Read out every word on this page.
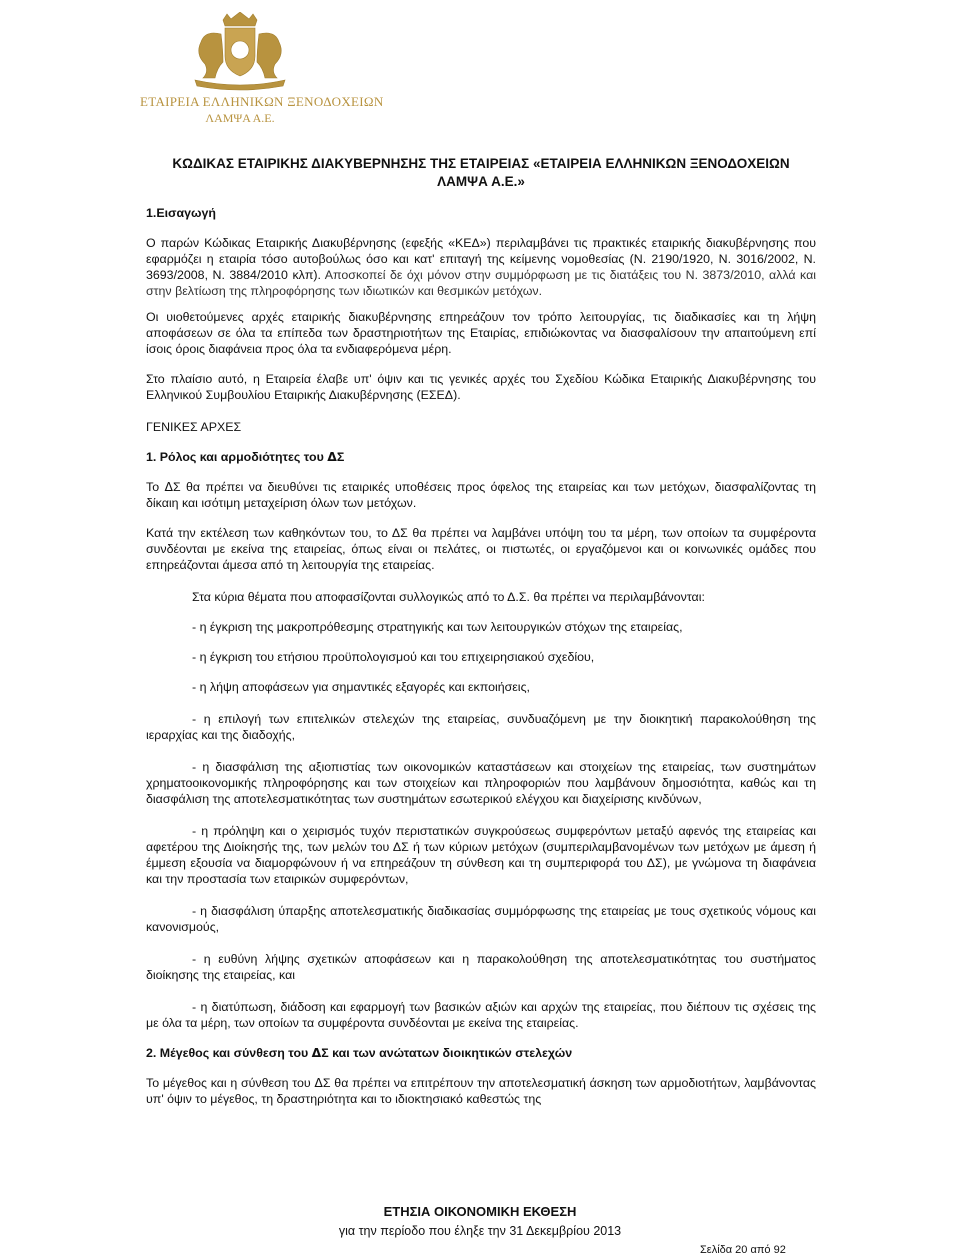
ΕΤΑΙΡΕΙΑ ΕΛΛΗΝΙΚΩΝ ΞΕΝΟΔΟΧΕΙΩΝ
ΛΑΜΨΑ Α.Ε.
ΚΩΔΙΚΑΣ ΕΤΑΙΡΙΚΗΣ ΔΙΑΚΥΒΕΡΝΗΣΗΣ ΤΗΣ ΕΤΑΙΡΕΙΑΣ «ΕΤΑΙΡΕΙΑ ΕΛΛΗΝΙΚΩΝ ΞΕΝΟΔΟΧΕΙΩΝ ΛΑΜΨΑ Α.Ε.»
1.Εισαγωγή

Ο παρών Κώδικας Εταιρικής Διακυβέρνησης (εφεξής «ΚΕΔ») περιλαμβάνει τις πρακτικές εταιρικής διακυβέρνησης που εφαρμόζει η εταιρία τόσο αυτοβούλως όσο και κατ' επιταγή της κείμενης νομοθεσίας (Ν. 2190/1920, Ν. 3016/2002, Ν. 3693/2008, Ν. 3884/2010 κλπ). Αποσκοπεί δε όχι μόνον στην συμμόρφωση με τις διατάξεις του Ν. 3873/2010, αλλά και στην βελτίωση της πληροφόρησης των ιδιωτικών και θεσμικών μετόχων.

Οι υιοθετούμενες αρχές εταιρικής διακυβέρνησης επηρεάζουν τον τρόπο λειτουργίας, τις διαδικασίες και τη λήψη αποφάσεων σε όλα τα επίπεδα των δραστηριοτήτων της Εταιρίας, επιδιώκοντας να διασφαλίσουν την απαιτούμενη επί ίσοις όροις διαφάνεια προς όλα τα ενδιαφερόμενα μέρη.

Στο πλαίσιο αυτό, η Εταιρεία έλαβε υπ' όψιν και τις γενικές αρχές του Σχεδίου Κώδικα Εταιρικής Διακυβέρνησης του Ελληνικού Συμβουλίου Εταιρικής Διακυβέρνησης (ΕΣΕΔ).

ΓΕΝΙΚΕΣ ΑΡΧΕΣ
1. Ρόλος και αρμοδιότητες του ΔΣ

Το ΔΣ θα πρέπει να διευθύνει τις εταιρικές υποθέσεις προς όφελος της εταιρείας και των μετόχων, διασφαλίζοντας τη δίκαιη και ισότιμη μεταχείριση όλων των μετόχων.

Κατά την εκτέλεση των καθηκόντων του, το ΔΣ θα πρέπει να λαμβάνει υπόψη του τα μέρη, των οποίων τα συμφέροντα συνδέονται με εκείνα της εταιρείας, όπως είναι οι πελάτες, οι πιστωτές, οι εργαζόμενοι και οι κοινωνικές ομάδες που επηρεάζονται άμεσα από τη λειτουργία της εταιρείας.

Στα κύρια θέματα που αποφασίζονται συλλογικώς από το Δ.Σ. θα πρέπει να περιλαμβάνονται:

- η έγκριση της μακροπρόθεσμης στρατηγικής και των λειτουργικών στόχων της εταιρείας,

- η έγκριση του ετήσιου προϋπολογισμού και του επιχειρησιακού σχεδίου,

- η λήψη αποφάσεων για σημαντικές εξαγορές και εκποιήσεις,

- η επιλογή των επιτελικών στελεχών της εταιρείας, συνδυαζόμενη με την διοικητική παρακολούθηση της ιεραρχίας και της διαδοχής,

- η διασφάλιση της αξιοπιστίας των οικονομικών καταστάσεων και στοιχείων της εταιρείας, των συστημάτων χρηματοοικονομικής πληροφόρησης και των στοιχείων και πληροφοριών που λαμβάνουν δημοσιότητα, καθώς και τη διασφάλιση της αποτελεσματικότητας των συστημάτων εσωτερικού ελέγχου και διαχείρισης κινδύνων,

- η πρόληψη και ο χειρισμός τυχόν περιστατικών συγκρούσεως συμφερόντων μεταξύ αφενός της εταιρείας και αφετέρου της Διοίκησής της, των μελών του ΔΣ ή των κύριων μετόχων (συμπεριλαμβανομένων των μετόχων με άμεση ή έμμεση εξουσία να διαμορφώνουν ή να επηρεάζουν τη σύνθεση και τη συμπεριφορά του ΔΣ), με γνώμονα τη διαφάνεια και την προστασία των εταιρικών συμφερόντων,

- η διασφάλιση ύπαρξης αποτελεσματικής διαδικασίας συμμόρφωσης της εταιρείας με τους σχετικούς νόμους και κανονισμούς,

- η ευθύνη λήψης σχετικών αποφάσεων και η παρακολούθηση της αποτελεσματικότητας του συστήματος διοίκησης της εταιρείας, και

- η διατύπωση, διάδοση και εφαρμογή των βασικών αξιών και αρχών της εταιρείας, που διέπουν τις σχέσεις της με όλα τα μέρη, των οποίων τα συμφέροντα συνδέονται με εκείνα της εταιρείας.

2. Μέγεθος και σύνθεση του ΔΣ και των ανώτατων διοικητικών στελεχών

Το μέγεθος και η σύνθεση του ΔΣ θα πρέπει να επιτρέπουν την αποτελεσματική άσκηση των αρμοδιοτήτων, λαμβάνοντας υπ' όψιν το μέγεθος, τη δραστηριότητα και το ιδιοκτησιακό καθεστώς της

ΕΤΗΣΙΑ ΟΙΚΟΝΟΜΙΚΗ ΕΚΘΕΣΗ
για την περίοδο που έληξε την 31 Δεκεμβρίου 2013
Σελίδα 20 από 92
